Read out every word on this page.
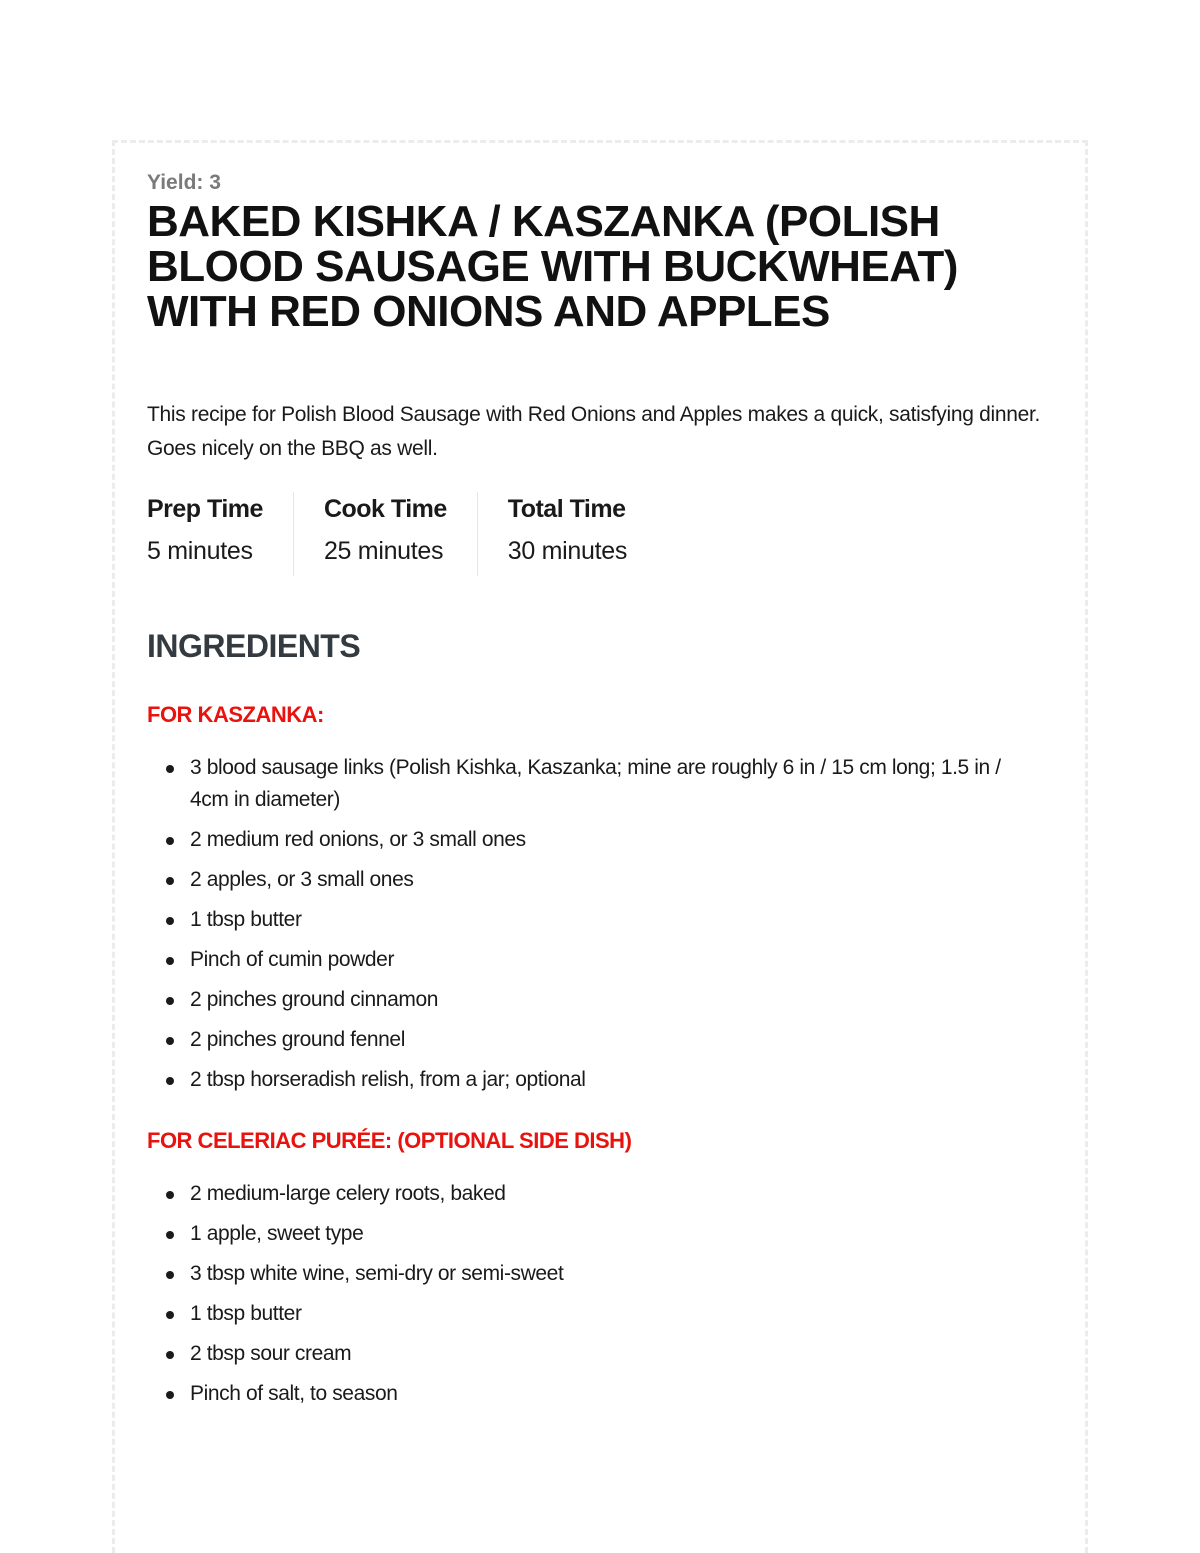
Yield: 3

BAKED KISHKA / KASZANKA (POLISH BLOOD SAUSAGE WITH BUCKWHEAT) WITH RED ONIONS AND APPLES

This recipe for Polish Blood Sausage with Red Onions and Apples makes a quick, satisfying dinner. Goes nicely on the BBQ as well.

Prep Time
5 minutes
Cook Time
25 minutes
Total Time
30 minutes
INGREDIENTS
FOR KASZANKA:
3 blood sausage links (Polish Kishka, Kaszanka; mine are roughly 6 in / 15 cm long; 1.5 in / 4cm in diameter)
2 medium red onions, or 3 small ones
2 apples, or 3 small ones
1 tbsp butter
Pinch of cumin powder
2 pinches ground cinnamon
2 pinches ground fennel
2 tbsp horseradish relish, from a jar; optional
FOR CELERIAC PURÉE: (OPTIONAL SIDE DISH)
2 medium-large celery roots, baked
1 apple, sweet type
3 tbsp white wine, semi-dry or semi-sweet
1 tbsp butter
2 tbsp sour cream
Pinch of salt, to season
